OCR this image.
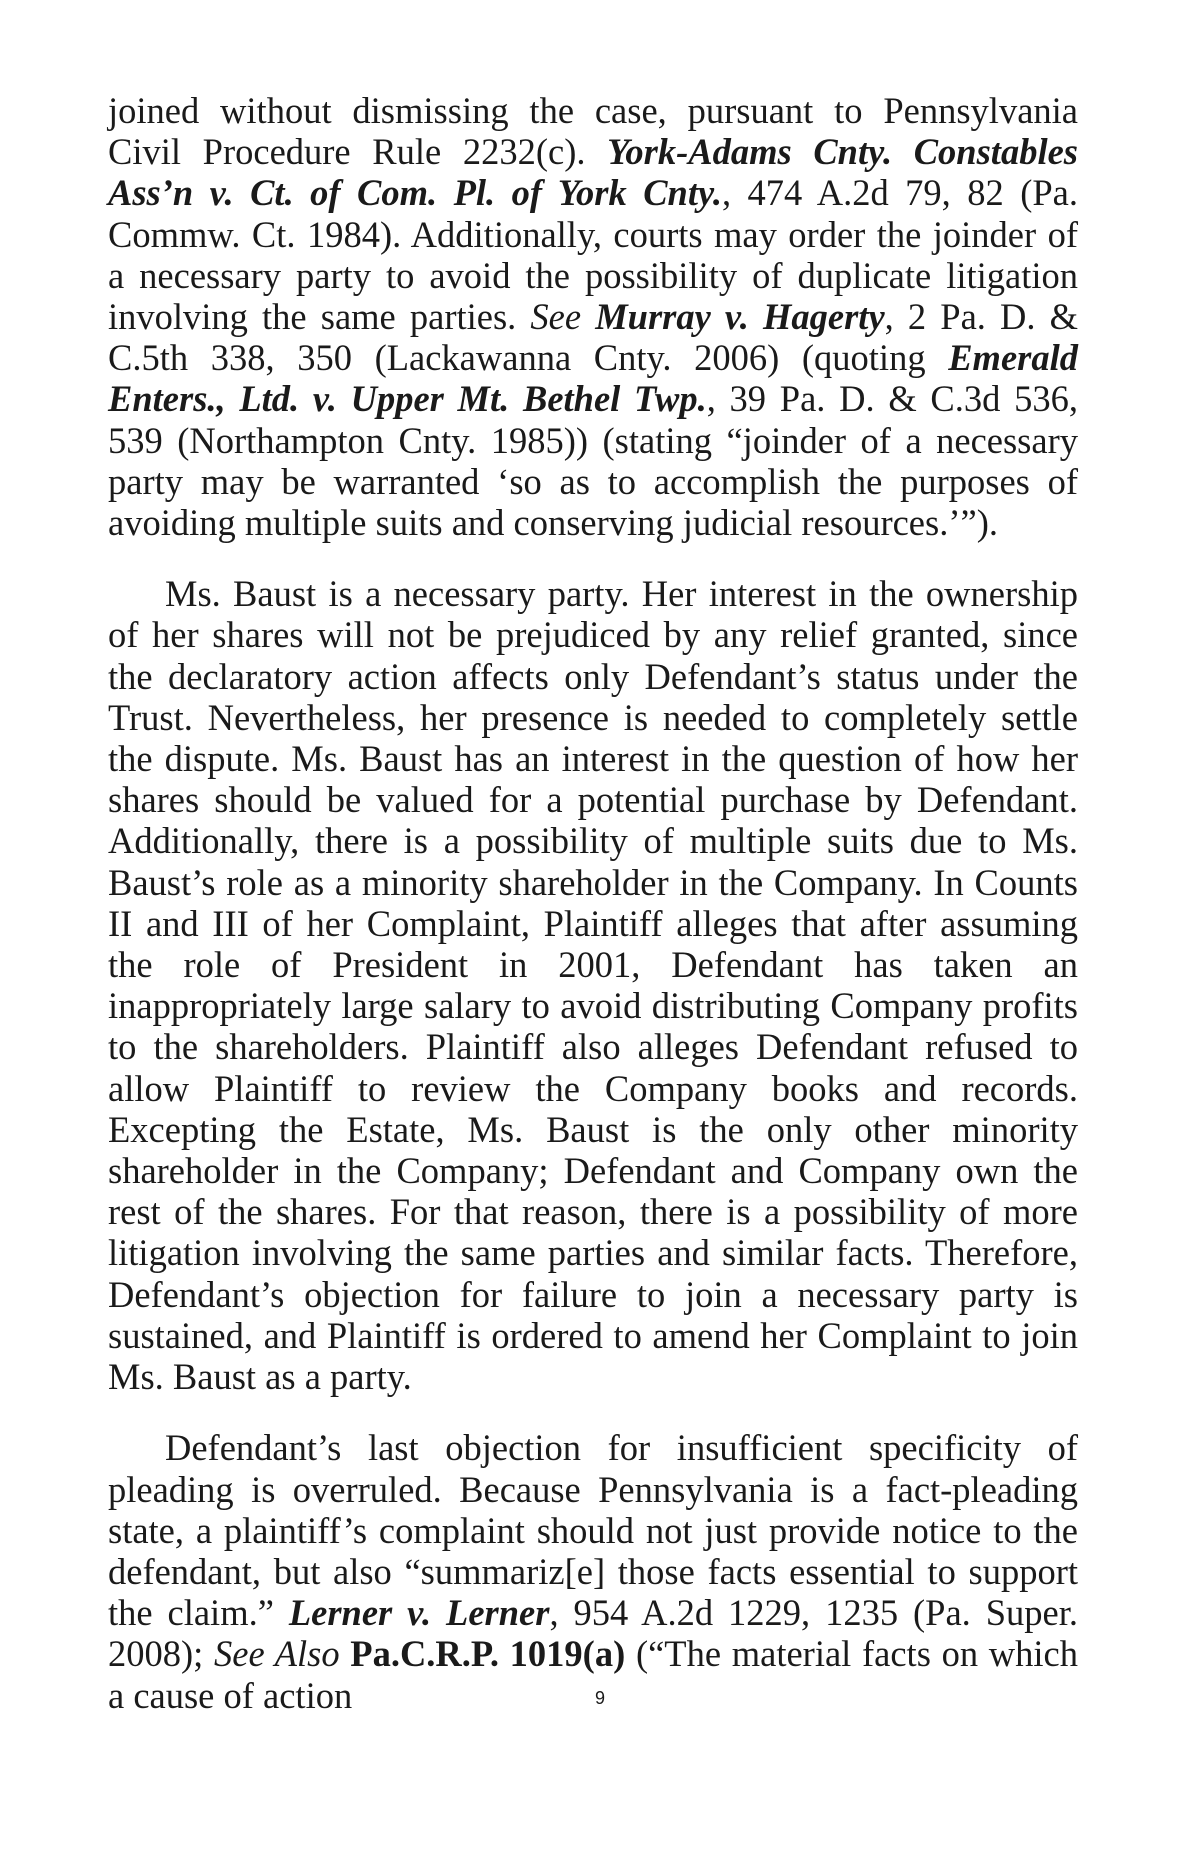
joined without dismissing the case, pursuant to Pennsylvania Civil Procedure Rule 2232(c). York-Adams Cnty. Constables Ass’n v. Ct. of Com. Pl. of York Cnty., 474 A.2d 79, 82 (Pa. Commw. Ct. 1984). Additionally, courts may order the joinder of a necessary party to avoid the possibility of duplicate litigation involving the same parties. See Murray v. Hagerty, 2 Pa. D. & C.5th 338, 350 (Lackawanna Cnty. 2006) (quoting Emerald Enters., Ltd. v. Upper Mt. Bethel Twp., 39 Pa. D. & C.3d 536, 539 (Northampton Cnty. 1985)) (stating “joinder of a necessary party may be warranted ‘so as to accomplish the purposes of avoiding multiple suits and conserving judicial resources.’”).

Ms. Baust is a necessary party. Her interest in the ownership of her shares will not be prejudiced by any relief granted, since the declaratory action affects only Defendant’s status under the Trust. Nevertheless, her presence is needed to completely settle the dispute. Ms. Baust has an interest in the question of how her shares should be valued for a potential purchase by Defendant. Additionally, there is a possibility of multiple suits due to Ms. Baust’s role as a minority shareholder in the Company. In Counts II and III of her Complaint, Plaintiff alleges that after assuming the role of President in 2001, Defendant has taken an inappropriately large salary to avoid distributing Company profits to the shareholders. Plaintiff also alleges Defendant refused to allow Plaintiff to review the Company books and records. Excepting the Estate, Ms. Baust is the only other minority shareholder in the Company; Defendant and Company own the rest of the shares. For that reason, there is a possibility of more litigation involving the same parties and similar facts. Therefore, Defendant’s objection for failure to join a necessary party is sustained, and Plaintiff is ordered to amend her Complaint to join Ms. Baust as a party.

Defendant’s last objection for insufficient specificity of pleading is overruled. Because Pennsylvania is a fact-pleading state, a plaintiff’s complaint should not just provide notice to the defendant, but also “summariz[e] those facts essential to support the claim.” Lerner v. Lerner, 954 A.2d 1229, 1235 (Pa. Super. 2008); See Also Pa.C.R.P. 1019(a) (“The material facts on which a cause of action	9
